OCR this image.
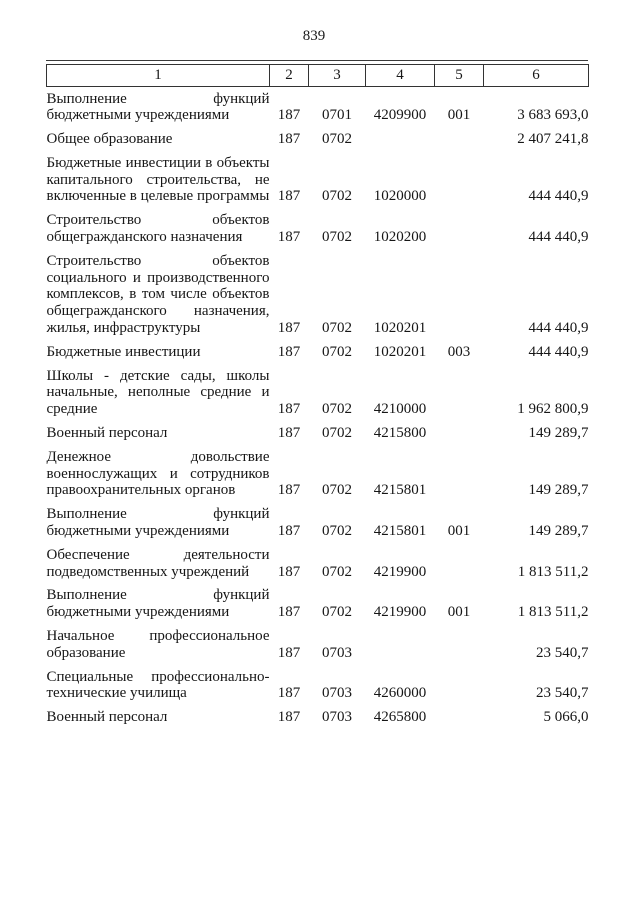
839
1	2	3	4	5	6
Выполнение функций бюджетными учреждениями	187	0701	4209900	001	3 683 693,0
Общее образование	187	0702			2 407 241,8
Бюджетные инвестиции в объекты капитального строительства, не включенные в целевые программы	187	0702	1020000		444 440,9
Строительство объектов общегражданского назначения	187	0702	1020200		444 440,9
Строительство объектов социального и производственного комплексов, в том числе объектов общегражданского назначения, жилья, инфраструктуры	187	0702	1020201		444 440,9
Бюджетные инвестиции	187	0702	1020201	003	444 440,9
Школы - детские сады, школы начальные, неполные средние и средние	187	0702	4210000		1 962 800,9
Военный персонал	187	0702	4215800		149 289,7
Денежное довольствие военнослужащих и сотрудников правоохранительных органов	187	0702	4215801		149 289,7
Выполнение функций бюджетными учреждениями	187	0702	4215801	001	149 289,7
Обеспечение деятельности подведомственных учреждений	187	0702	4219900		1 813 511,2
Выполнение функций бюджетными учреждениями	187	0702	4219900	001	1 813 511,2
Начальное профессиональное образование	187	0703			23 540,7
Специальные профессионально-технические училища	187	0703	4260000		23 540,7
Военный персонал	187	0703	4265800		5 066,0
